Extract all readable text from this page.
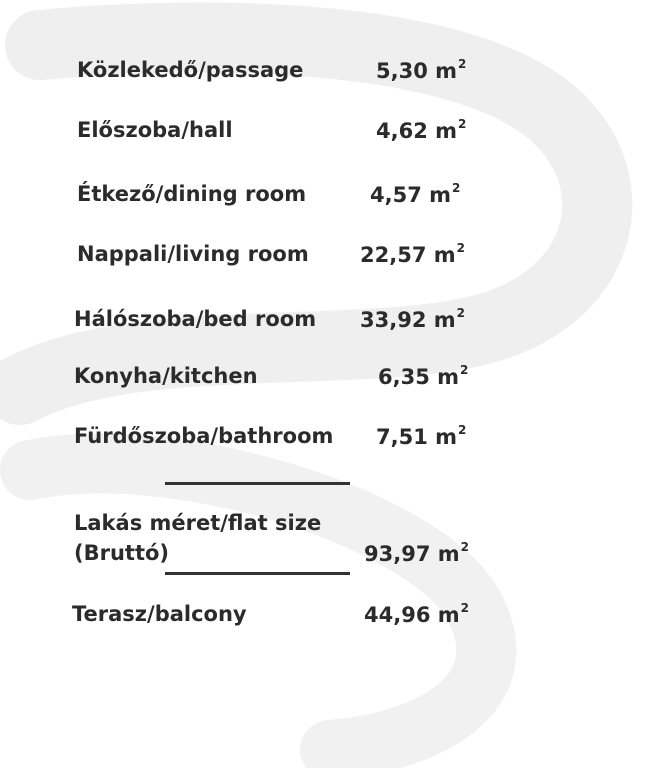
Közlekedő/passage	5,30 $m^2$
Előszoba/hall	4,62 $m^2$
Étkező/dining room	4,57 $m^2$
Nappali/living room 22,57 $m^2$
Hálószoba/bed room 33,92 $m^2$
Konyha/kitchen	6,35 $m^2$
Fürdőszoba/bathroom 7,51 $m^2$
Lakás méret/flat size
(Bruttó)	93,97 $m^2$
Terasz/balcony	44,96 $m^2$
